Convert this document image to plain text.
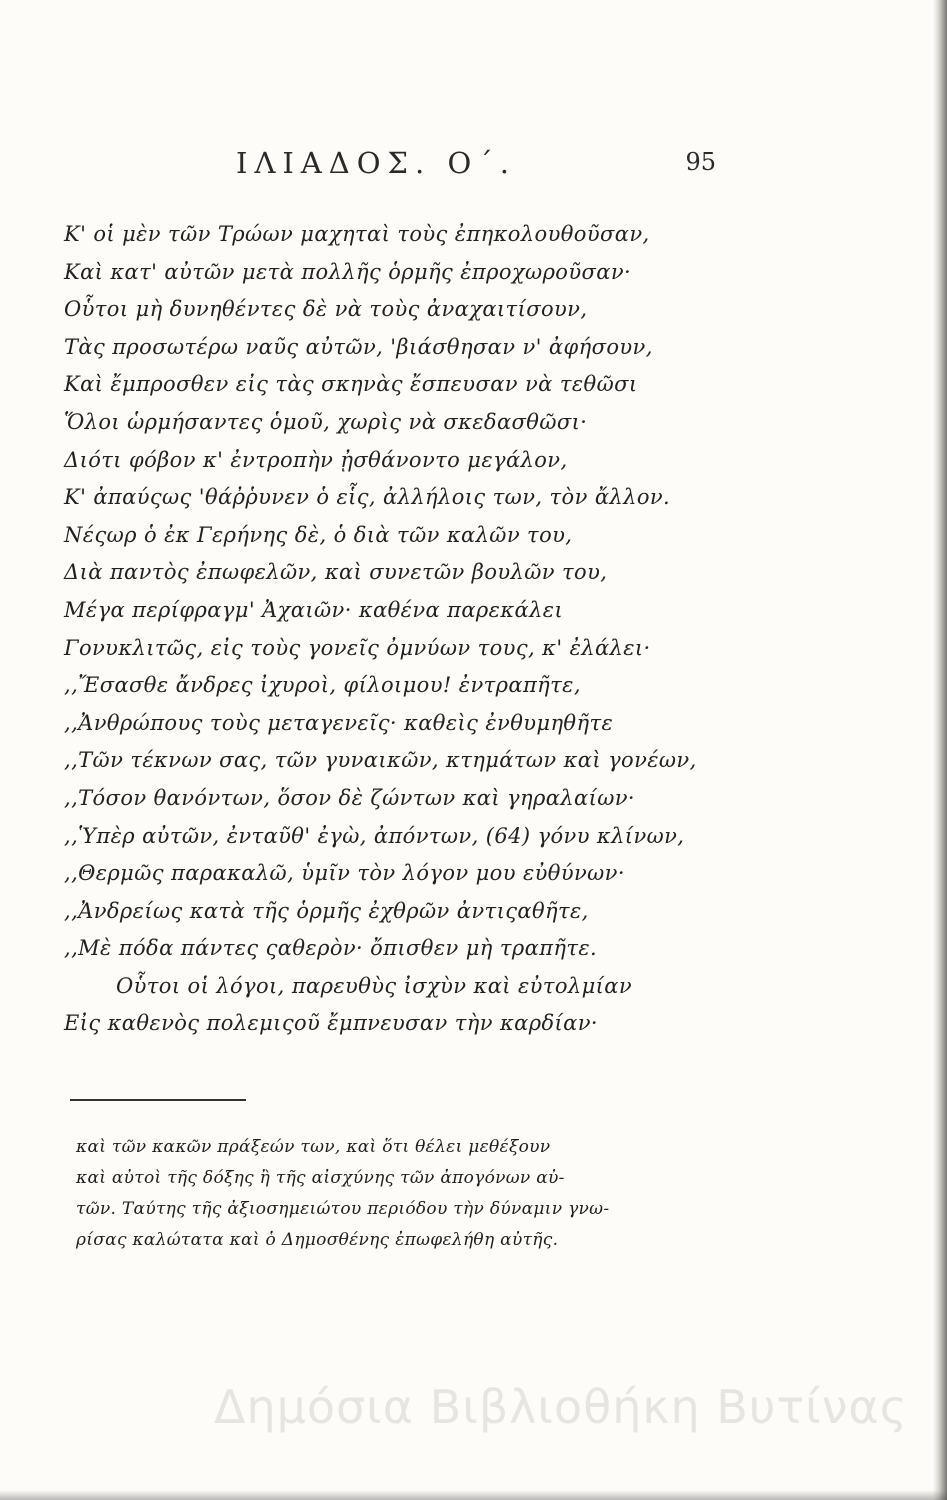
ΙΛΙΑΔΟΣ. Ο΄.	95
Κ' οἱ μὲν τῶν Τρώων μαχηταὶ τοὺς ἐπηκολουθοῦσαν,
Καὶ κατ' αὐτῶν μετὰ πολλῆς ὁρμῆς ἐπροχωροῦσαν·
Οὗτοι μὴ δυνηθέντες δὲ νὰ τοὺς ἀναχαιτίσουν,
Τὰς προσωτέρω ναῦς αὐτῶν, 'βιάσθησαν ν' ἀφήσουν,
Καὶ ἔμπροσθεν εἰς τὰς σκηνὰς ἔσπευσαν νὰ τεθῶσι
Ὅλοι ὡρμήσαντες ὁμοῦ, χωρὶς νὰ σκεδασθῶσι·
Διότι φόβον κ' ἐντροπὴν ᾐσθάνοντο μεγάλον,
Κ' ἀπαύςως 'θάῤῥυνεν ὁ εἷς, ἀλλήλοις των, τὸν ἄλλον.
Νέςωρ ὁ ἐκ Γερήνης δὲ, ὁ διὰ τῶν καλῶν του,
Διὰ παντὸς ἐπωφελῶν, καὶ συνετῶν βουλῶν του,
Μέγα περίφραγμ' Ἀχαιῶν· καθένα παρεκάλει
Γονυκλιτῶς, εἰς τοὺς γονεῖς ὀμνύων τους, κ' ἐλάλει·
,,Ἔσασθε ἄνδρες ἰχυροὶ, φίλοιμου! ἐντραπῆτε,
,,Ἀνθρώπους τοὺς μεταγενεῖς· καθεὶς ἐνθυμηθῆτε
,,Τῶν τέκνων σας, τῶν γυναικῶν, κτημάτων καὶ γονέων,
,,Τόσον θανόντων, ὅσον δὲ ζώντων καὶ γηραλαίων·
,,Ὑπὲρ αὐτῶν, ἐνταῦθ' ἐγὼ, ἀπόντων, (64) γόνυ κλίνων,
,,Θερμῶς παρακαλῶ, ὑμῖν τὸν λόγον μου εὐθύνων·
,,Ἀνδρείως κατὰ τῆς ὁρμῆς ἐχθρῶν ἀντιςαθῆτε,
,,Μὲ πόδα πάντες ςαθερὸν· ὄπισθεν μὴ τραπῆτε.
Οὗτοι οἱ λόγοι, παρευθὺς ἰσχὺν καὶ εὐτολμίαν
Εἰς καθενὸς πολεμιςοῦ ἔμπνευσαν τὴν καρδίαν·
καὶ τῶν κακῶν πράξεών των, καὶ ὅτι θέλει μεθέξουν
καὶ αὐτοὶ τῆς δόξης ἢ τῆς αἰσχύνης τῶν ἀπογόνων αὐ-
τῶν. Ταύτης τῆς ἀξιοσημειώτου περιόδου τὴν δύναμιν γνω-
ρίσας καλώτατα καὶ ὁ Δημοσθένης ἐπωφελήθη αὐτῆς.
Δημόσια Βιβλιοθήκη Βυτίνας
